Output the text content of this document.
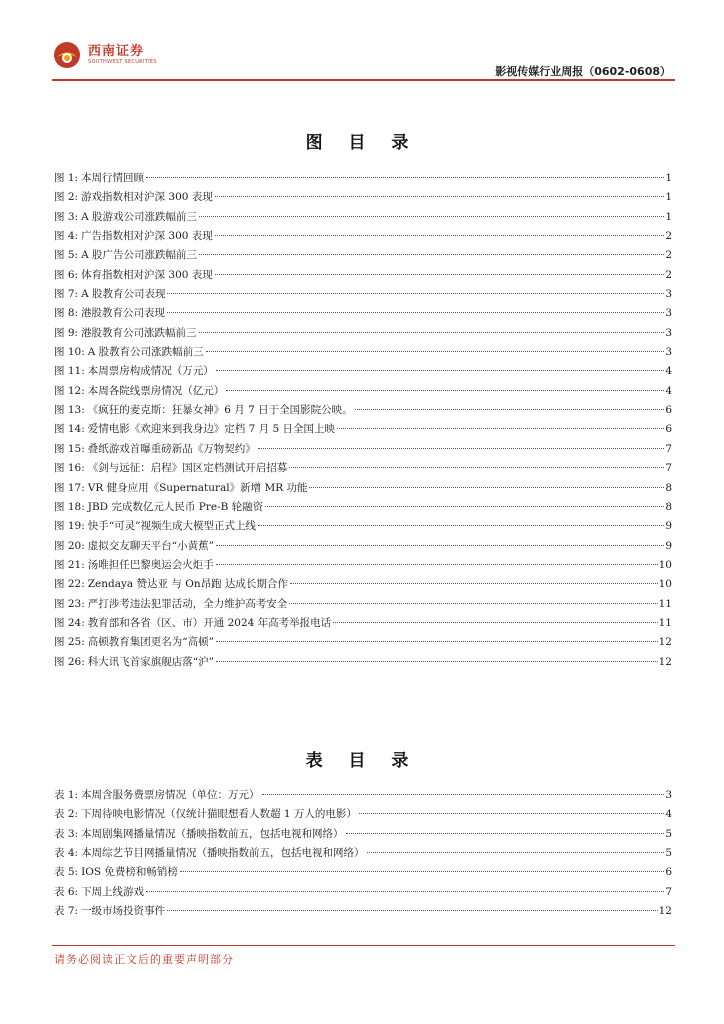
西南证券
SOUTHWEST SECURITIES
影视传媒行业周报（0602-0608）
图 目 录
图 1: 本周行情回顾	1
图 2: 游戏指数相对沪深 300 表现	1
图 3: A 股游戏公司涨跌幅前三	1
图 4: 广告指数相对沪深 300 表现	2
图 5: A 股广告公司涨跌幅前三	2
图 6: 体育指数相对沪深 300 表现	2
图 7: A 股教育公司表现	3
图 8: 港股教育公司表现	3
图 9: 港股教育公司涨跌幅前三	3
图 10: A 股教育公司涨跌幅前三	3
图 11: 本周票房构成情况（万元）	4
图 12: 本周各院线票房情况（亿元）	4
图 13: 《疯狂的麦克斯：狂暴女神》6 月 7 日于全国影院公映。	6
图 14: 爱情电影《欢迎来到我身边》定档 7 月 5 日全国上映	6
图 15: 叠纸游戏首曝重磅新品《万物契约》	7
图 16: 《剑与远征：启程》国区定档测试开启招募	7
图 17: VR 健身应用《Supernatural》新增 MR 功能	8
图 18: JBD 完成数亿元人民币 Pre-B 轮融资	8
图 19: 快手“可灵”视频生成大模型正式上线	9
图 20: 虚拟交友聊天平台“小黄蕉”	9
图 21: 汤唯担任巴黎奥运会火炬手	10
图 22: Zendaya 赞达亚 与 On昂跑 达成长期合作	10
图 23: 严打涉考违法犯罪活动，全力维护高考安全	11
图 24: 教育部和各省（区、市）开通 2024 年高考举报电话	11
图 25: 高顿教育集团更名为“高顿”	12
图 26: 科大讯飞首家旗舰店落“沪”	12
表 目 录
表 1: 本周含服务费票房情况（单位：万元）	3
表 2: 下周待映电影情况（仅统计猫眼想看人数超 1 万人的电影）	4
表 3: 本周剧集网播量情况（播映指数前五，包括电视和网络）	5
表 4: 本周综艺节目网播量情况（播映指数前五，包括电视和网络）	5
表 5: IOS 免费榜和畅销榜	6
表 6: 下周上线游戏	7
表 7: 一级市场投资事件	12
请务必阅读正文后的重要声明部分
